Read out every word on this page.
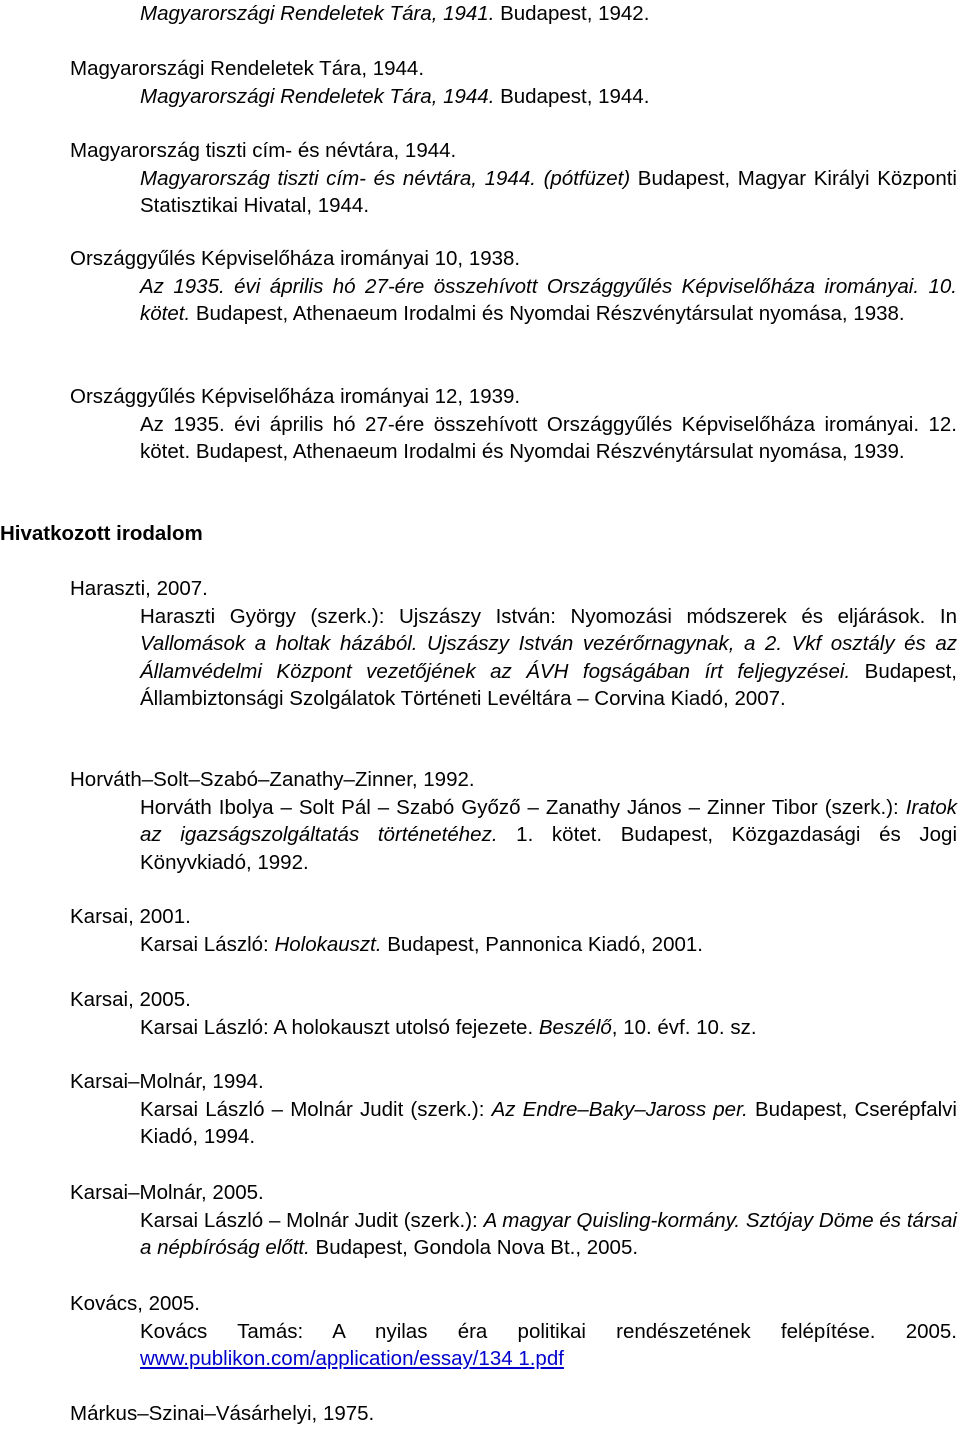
Magyarországi Rendeletek Tára, 1941. Budapest, 1942.
Magyarországi Rendeletek Tára, 1944.
Magyarországi Rendeletek Tára, 1944. Budapest, 1944.
Magyarország tiszti cím- és névtára, 1944.
Magyarország tiszti cím- és névtára, 1944. (pótfüzet) Budapest, Magyar Királyi Központi Statisztikai Hivatal, 1944.
Országgyűlés Képviselőháza irományai 10, 1938.
Az 1935. évi április hó 27-ére összehívott Országgyűlés Képviselőháza irományai. 10. kötet. Budapest, Athenaeum Irodalmi és Nyomdai Részvénytársulat nyomása, 1938.
Országgyűlés Képviselőháza irományai 12, 1939.
Az 1935. évi április hó 27-ére összehívott Országgyűlés Képviselőháza irományai. 12. kötet. Budapest, Athenaeum Irodalmi és Nyomdai Részvénytársulat nyomása, 1939.
Hivatkozott irodalom
Haraszti, 2007.
Haraszti György (szerk.): Ujszászy István: Nyomozási módszerek és eljárások. In Vallomások a holtak házából. Ujszászy István vezérőrnagynak, a 2. Vkf osztály és az Államvédelmi Központ vezetőjének az ÁVH fogságában írt feljegyzései. Budapest, Állambiztonsági Szolgálatok Történeti Levéltára – Corvina Kiadó, 2007.
Horváth–Solt–Szabó–Zanathy–Zinner, 1992.
Horváth Ibolya – Solt Pál – Szabó Győző – Zanathy János – Zinner Tibor (szerk.): Iratok az igazságszolgáltatás történetéhez. 1. kötet. Budapest, Közgazdasági és Jogi Könyvkiadó, 1992.
Karsai, 2001.
Karsai László: Holokauszt. Budapest, Pannonica Kiadó, 2001.
Karsai, 2005.
Karsai László: A holokauszt utolsó fejezete. Beszélő, 10. évf. 10. sz.
Karsai–Molnár, 1994.
Karsai László – Molnár Judit (szerk.): Az Endre–Baky–Jaross per. Budapest, Cserépfalvi Kiadó, 1994.
Karsai–Molnár, 2005.
Karsai László – Molnár Judit (szerk.): A magyar Quisling-kormány. Sztójay Döme és társai a népbíróság előtt. Budapest, Gondola Nova Bt., 2005.
Kovács, 2005.
Kovács Tamás: A nyilas éra politikai rendészetének felépítése. 2005. www.publikon.com/application/essay/134 1.pdf
Márkus–Szinai–Vásárhelyi, 1975.
